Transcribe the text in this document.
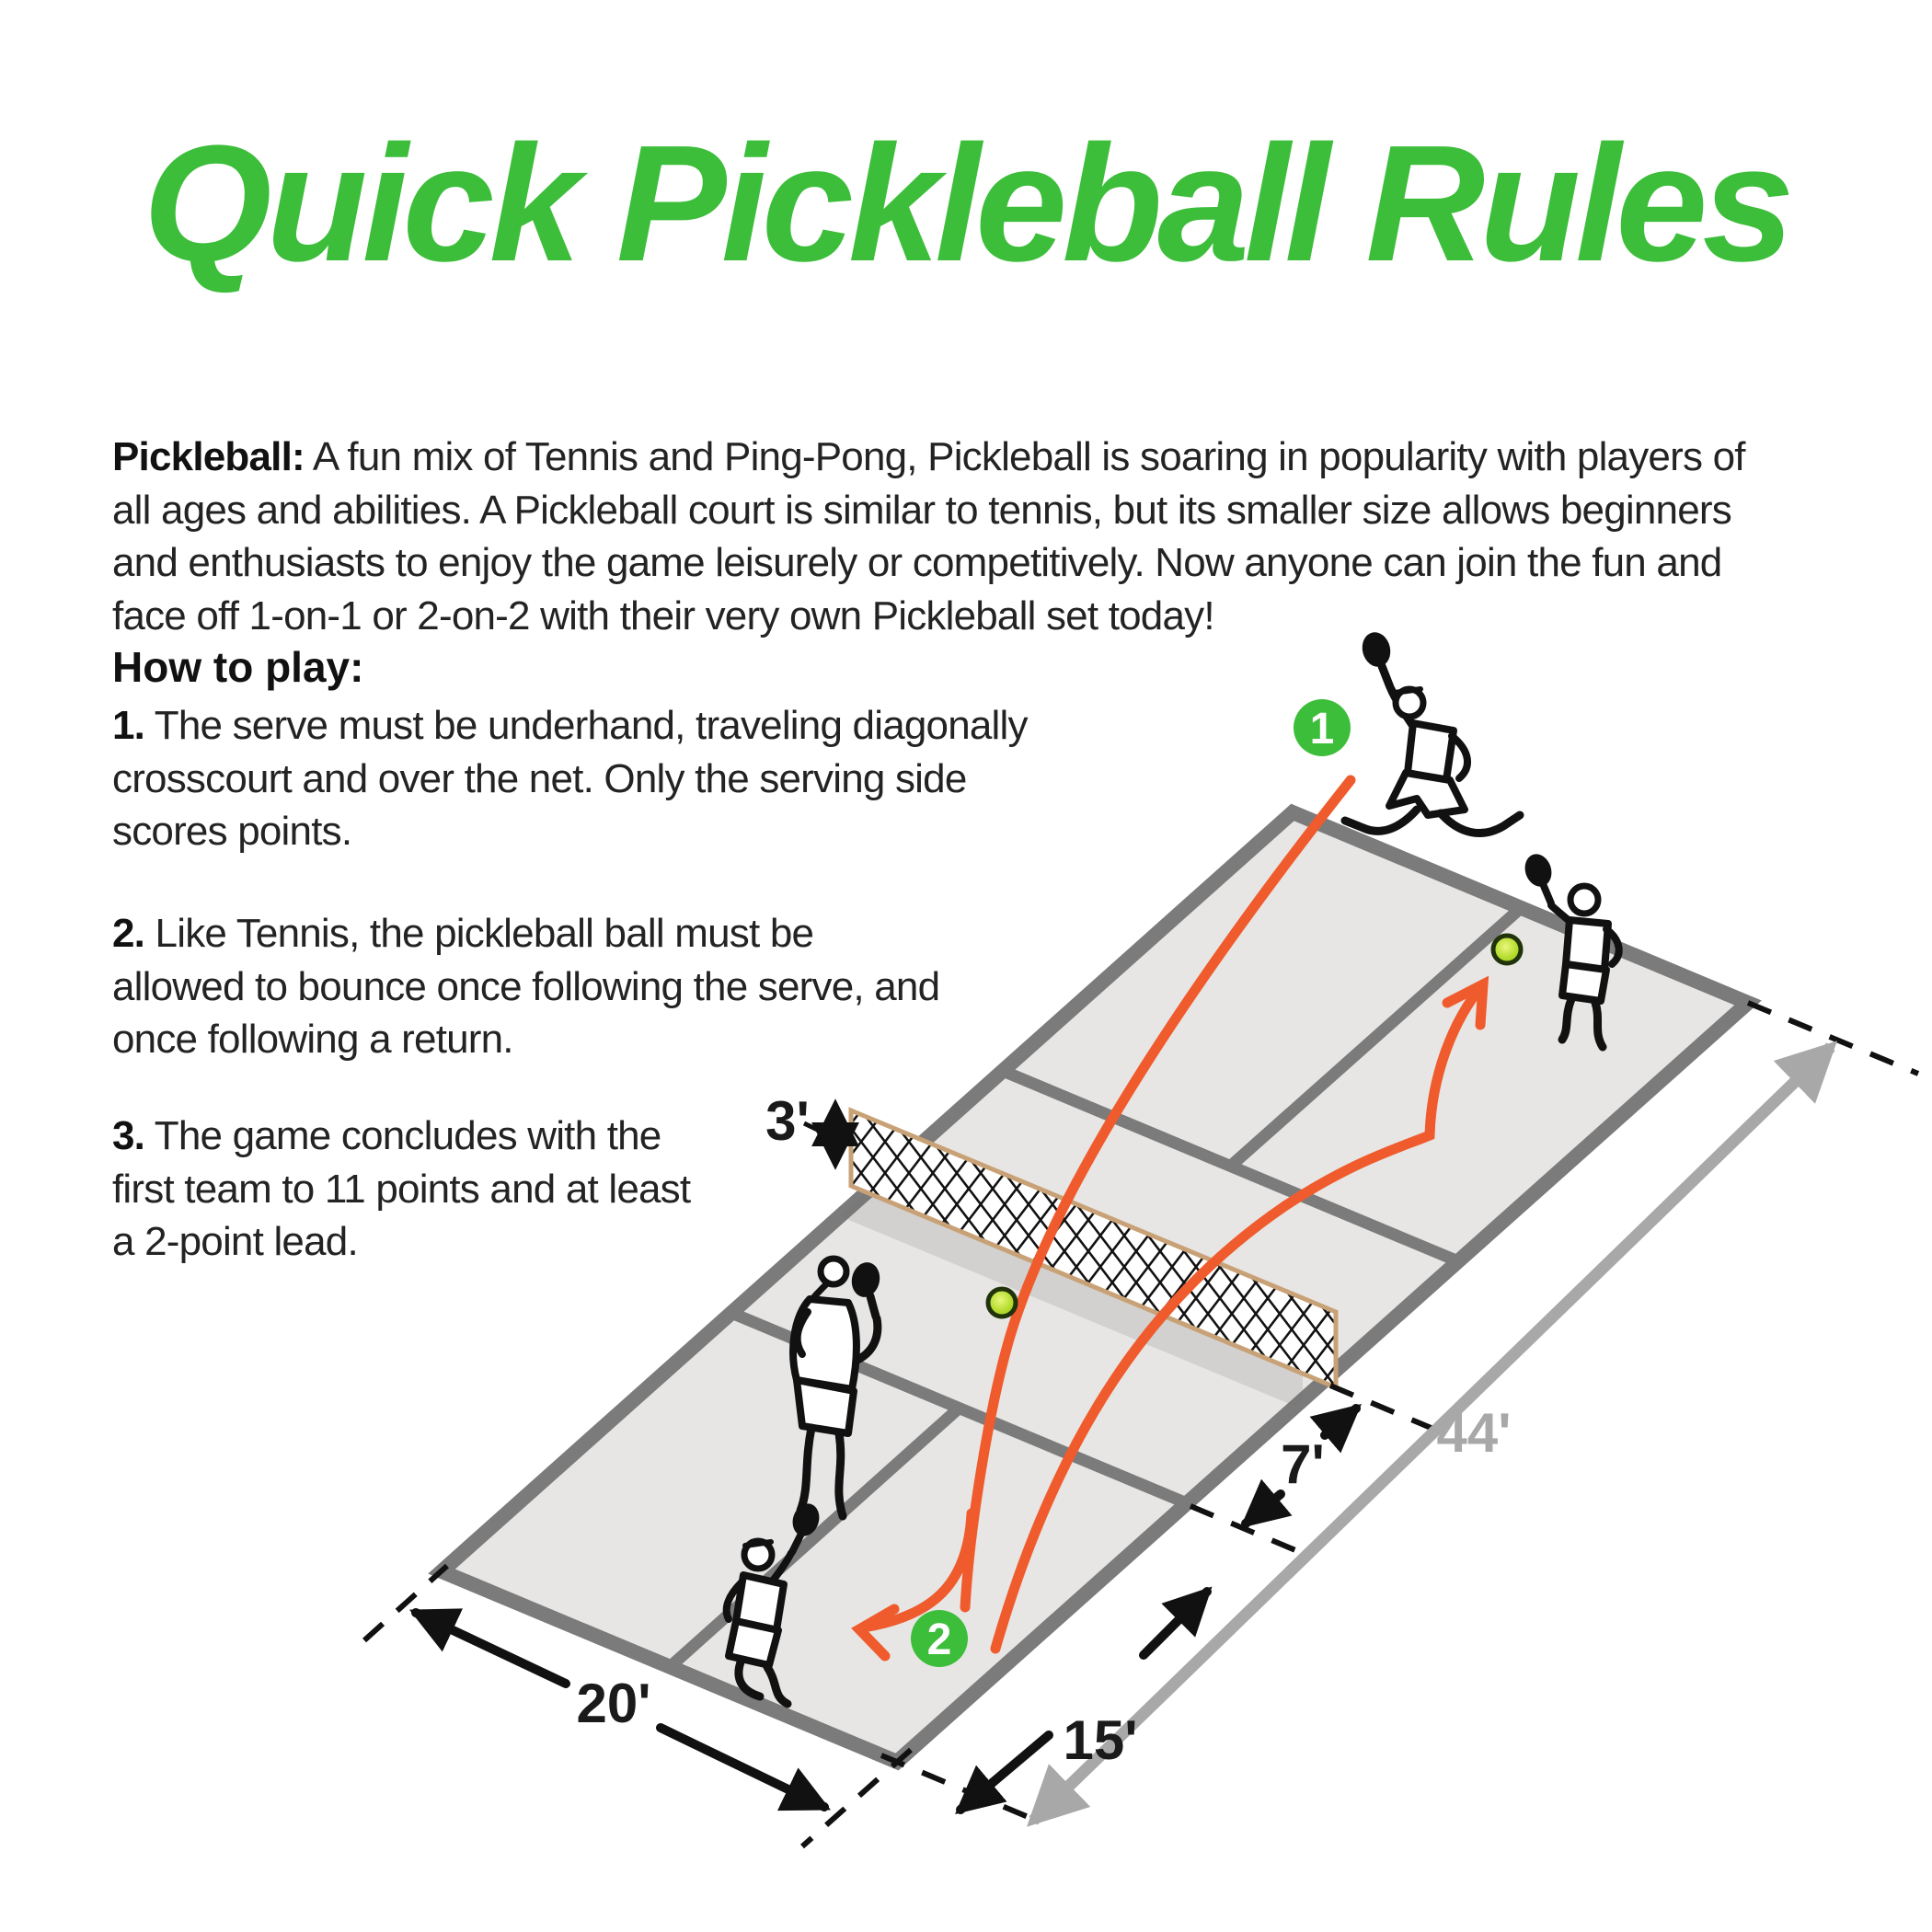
Quick Pickleball Rules

Pickleball: A fun mix of Tennis and Ping-Pong, Pickleball is soaring in popularity with players of all ages and abilities. A Pickleball court is similar to tennis, but its smaller size allows beginners and enthusiasts to enjoy the game leisurely or competitively. Now anyone can join the fun and face off 1-on-1 or 2-on-2 with their very own Pickleball set today!

How to play:
1. The serve must be underhand, traveling diagonally crosscourt and over the net. Only the serving side scores points.
2. Like Tennis, the pickleball ball must be allowed to bounce once following the serve, and once following a return.
3. The game concludes with the first team to 11 points and at least a 2-point lead.
44'
20'
15'
7'
3'
1
2
